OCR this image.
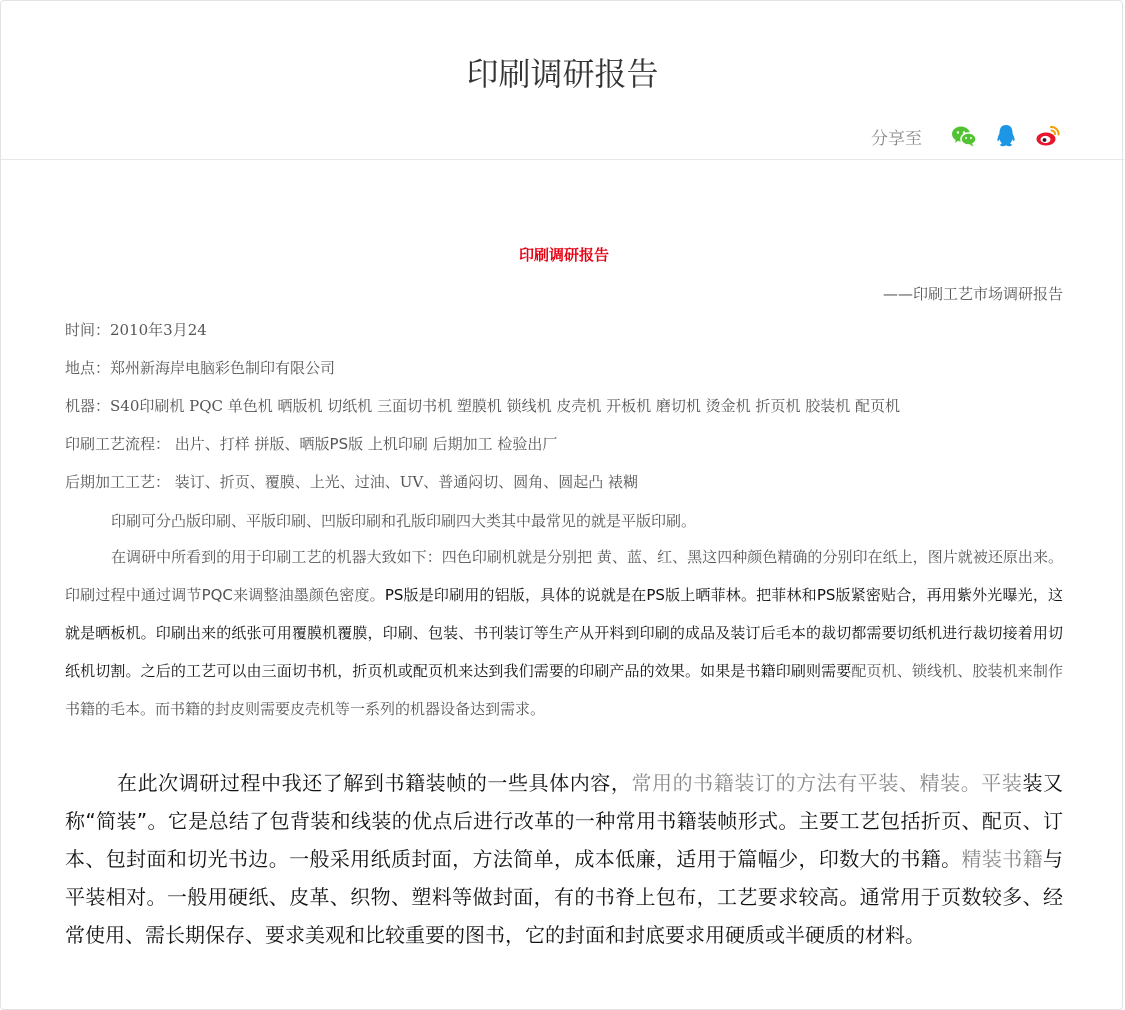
印刷调研报告
分享至
印刷调研报告
——印刷工艺市场调研报告
时间：2010年3月24
地点：郑州新海岸电脑彩色制印有限公司
机器：S40印刷机 PQC 单色机 晒版机 切纸机 三面切书机 塑膜机 锁线机 皮壳机 开板机 磨切机 烫金机 折页机 胶装机 配页机
印刷工艺流程： 出片、打样 拼版、晒版PS版 上机印刷 后期加工 检验出厂
后期加工工艺： 装订、折页、覆膜、上光、过油、UV、普通闷切、圆角、圆起凸 裱糊
印刷可分凸版印刷、平版印刷、凹版印刷和孔版印刷四大类其中最常见的就是平版印刷。
在调研中所看到的用于印刷工艺的机器大致如下：四色印刷机就是分别把 黄、蓝、红、黑这四种颜色精确的分别印在纸上，图片就被还原出来。印刷过程中通过调节PQC来调整油墨颜色密度。PS版是印刷用的铝版，具体的说就是在PS版上晒菲林。把菲林和PS版紧密贴合，再用紫外光曝光，这就是晒板机。印刷出来的纸张可用覆膜机覆膜，印刷、包装、书刊装订等生产从开料到印刷的成品及装订后毛本的裁切都需要切纸机进行裁切接着用切纸机切割。之后的工艺可以由三面切书机，折页机或配页机来达到我们需要的印刷产品的效果。如果是书籍印刷则需要配页机、锁线机、胶装机来制作书籍的毛本。而书籍的封皮则需要皮壳机等一系列的机器设备达到需求。
在此次调研过程中我还了解到书籍装帧的一些具体内容，常用的书籍装订的方法有平装、精装。平装装又称“简装”。它是总结了包背装和线装的优点后进行改革的一种常用书籍装帧形式。主要工艺包括折页、配页、订本、包封面和切光书边。一般采用纸质封面，方法简单，成本低廉，适用于篇幅少，印数大的书籍。精装书籍与平装相对。一般用硬纸、皮革、织物、塑料等做封面，有的书脊上包布，工艺要求较高。通常用于页数较多、经常使用、需长期保存、要求美观和比较重要的图书，它的封面和封底要求用硬质或半硬质的材料。
